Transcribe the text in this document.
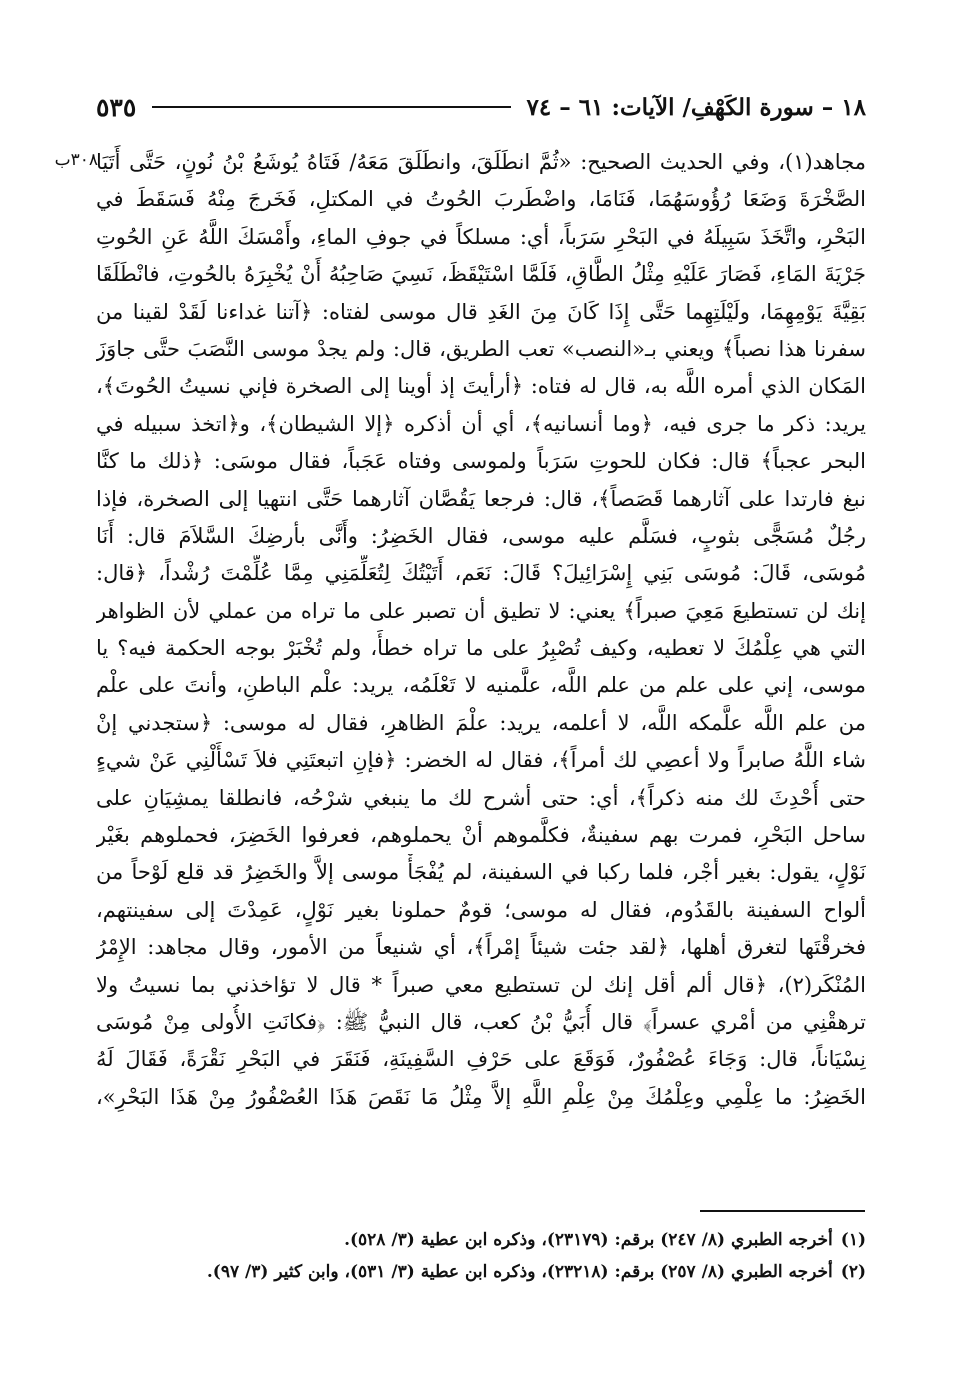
١٨ – سورة الكَهْفِ/ الآيات: ٦١ – ٧٤
٥٣٥
٣٠٨ب
مجاهد(١)، وفي الحديث الصحيح: «ثُمَّ انطَلَقَ، وانطَلَقَ مَعَهُ/ فَتَاهُ يُوشَعُ بْنُ نُونٍ، حَتَّى أَتَيَا
الصَّخْرَةَ وَضَعَا رُؤُوسَهُمَا، فَنَامَا، واضْطَربَ الحُوتُ في المكتلِ، فَخَرجَ مِنْهُ فَسَقَطَ في
البَحْرِ، واتَّخَذَ سَبِيلَهُ في البَحْرِ سَرَباً، أي: مسلكاً في جوفِ الماءِ، وأَمْسَكَ اللَّهُ عَنِ الحُوتِ
جَرْيَةَ المَاءِ، فَصَارَ عَلَيْهِ مِثْلُ الطَّاقِ، فَلَمَّا اسْتَيْقَظَ، نَسِيَ صَاحِبُهُ أَنْ يُخْبِرَهُ بالحُوتِ، فانْطَلَقَا
بَقِيَّةَ يَوْمِهِمَا، ولَيْلَتِهِما حَتَّى إِذَا كَانَ مِنَ الغَدِ قال موسى لفتاه: ﴿آتنا غداءنا لَقَدْ لقينا من
سفرنا هذا نصباً﴾ ويعني بـ«النصب» تعب الطريق، قال: ولم يجدْ موسى النَّصَبَ حتَّى جاوَزَ
المَكان الذي أمره اللَّه به، قال له فتاه: ﴿أرأيتَ إذ أوينا إلى الصخرة فإني نسيتُ الحُوتَ﴾،
يريد: ذكر ما جرى فيه، ﴿وما أنسانيه﴾، أي أن أذكره ﴿إلا الشيطان﴾، و﴿اتخذ سبيله في
البحر عجباً﴾ قال: فكان للحوتِ سَرَباً ولموسى وفتاه عَجَباً، فقال موسَى: ﴿ذلك ما كنَّا
نبغ فارتدا على آثارهما قَصَصاً﴾، قال: فرجعا يَقُصَّان آثارهما حَتَّى انتهيا إلى الصخرة، فإذا
رجُلٌ مُسَجًّى بثوبٍ، فسَلَّم عليه موسى، فقال الخَضِرُ: وأَنَّى بأرضِكَ السَّلاَمَ قال: أَنَا
مُوسَى، قَالَ: مُوسَى بَنِي إِسْرَائِيلَ؟ قَالَ: نَعَم، أَتَيْتُكَ لِتُعَلِّمَنِي مِمَّا عُلِّمْتَ رُشْداً، ﴿قال:
إنك لن تستطيعَ مَعِيَ صبراً﴾ يعني: لا تطيق أن تصبر على ما تراه من عملي لأن الظواهر
التي هي عِلْمُكَ لا تعطيه، وكيف تُصْبِرُ على ما تراه خطأً، ولم تُخْبَرْ بوجه الحكمة فيه؟ يا
موسى، إني على علم من علم اللَّه، علَّمنيه لا تَعْلَمُه، يريد: علْم الباطنِ، وأنتَ على علْم
من علم اللَّه علَّمكه اللَّه، لا أعلمه، يريد: علْمَ الظاهرِ، فقال له موسى: ﴿ستجدني إنْ
شاء اللَّهُ صابراً ولا أعصِي لك أمراً﴾، فقال له الخضر: ﴿فإنِ اتبعتَنِي فلاَ تَسْأَلْنِي عَنْ شيءٍ
حتى أُحْدِثَ لك منه ذكراً﴾، أي: حتى أشرح لك ما ينبغي شرْحُه، فانطلقا يمشِيَانِ على
ساحل البَحْرِ، فمرت بهم سفينةٌ، فكلَّموهم أنْ يحملوهم، فعرفوا الخَضِرَ، فحملوهم بغَيْر
نَوْلٍ، يقول: بغير أجْر، فلما ركبا في السفينة، لم يُفْجَأْ موسى إلاَّ والخَضِرُ قد قلع لَوْحاً من
ألواح السفينة بالقَدُوم، فقال له موسى؛ قومٌ حملونا بغير نَوْلٍ، عَمِدْتَ إلى سفينتهم،
فخرقْتَها لتغرق أهلها، ﴿لقد جئت شيئاً إمْراً﴾، أي شنيعاً من الأمور، وقال مجاهد: الإِمْرُ
المُنْكَر(٢)، ﴿قال ألم أقل إنك لن تستطيع معي صبراً * قال لا تؤاخذني بما نسيتُ ولا
ترهقْنِي من أمْري عسراً﴾ قال أُبَيُّ بْنُ كعب، قال النبيُّ ﷺ: ﴿فكانَتِ الأُولى مِنْ مُوسَى
نِسْيَاناً، قال: وَجَاءَ عُصْفُورٌ، فَوَقَعَ على حَرْفِ السَّفِينَةِ، فَنَقَرَ في البَحْرِ نَقْرَةً، فَقَالَ لَهُ
الخَضِرُ: ما عِلْمِي وعِلْمُكَ مِنْ عِلْمِ اللَّهِ إلاَّ مِثْلُ مَا نَقَصَ هَذَا العُصْفُورُ مِنْ هَذَا البَحْرِ»،
(١)أخرجه الطبري (٨/ ٢٤٧) برقم: (٢٣١٧٩)، وذكره ابن عطية (٣/ ٥٢٨).
(٢)أخرجه الطبري (٨/ ٢٥٧) برقم: (٢٣٢١٨)، وذكره ابن عطية (٣/ ٥٣١)، وابن كثير (٣/ ٩٧).
